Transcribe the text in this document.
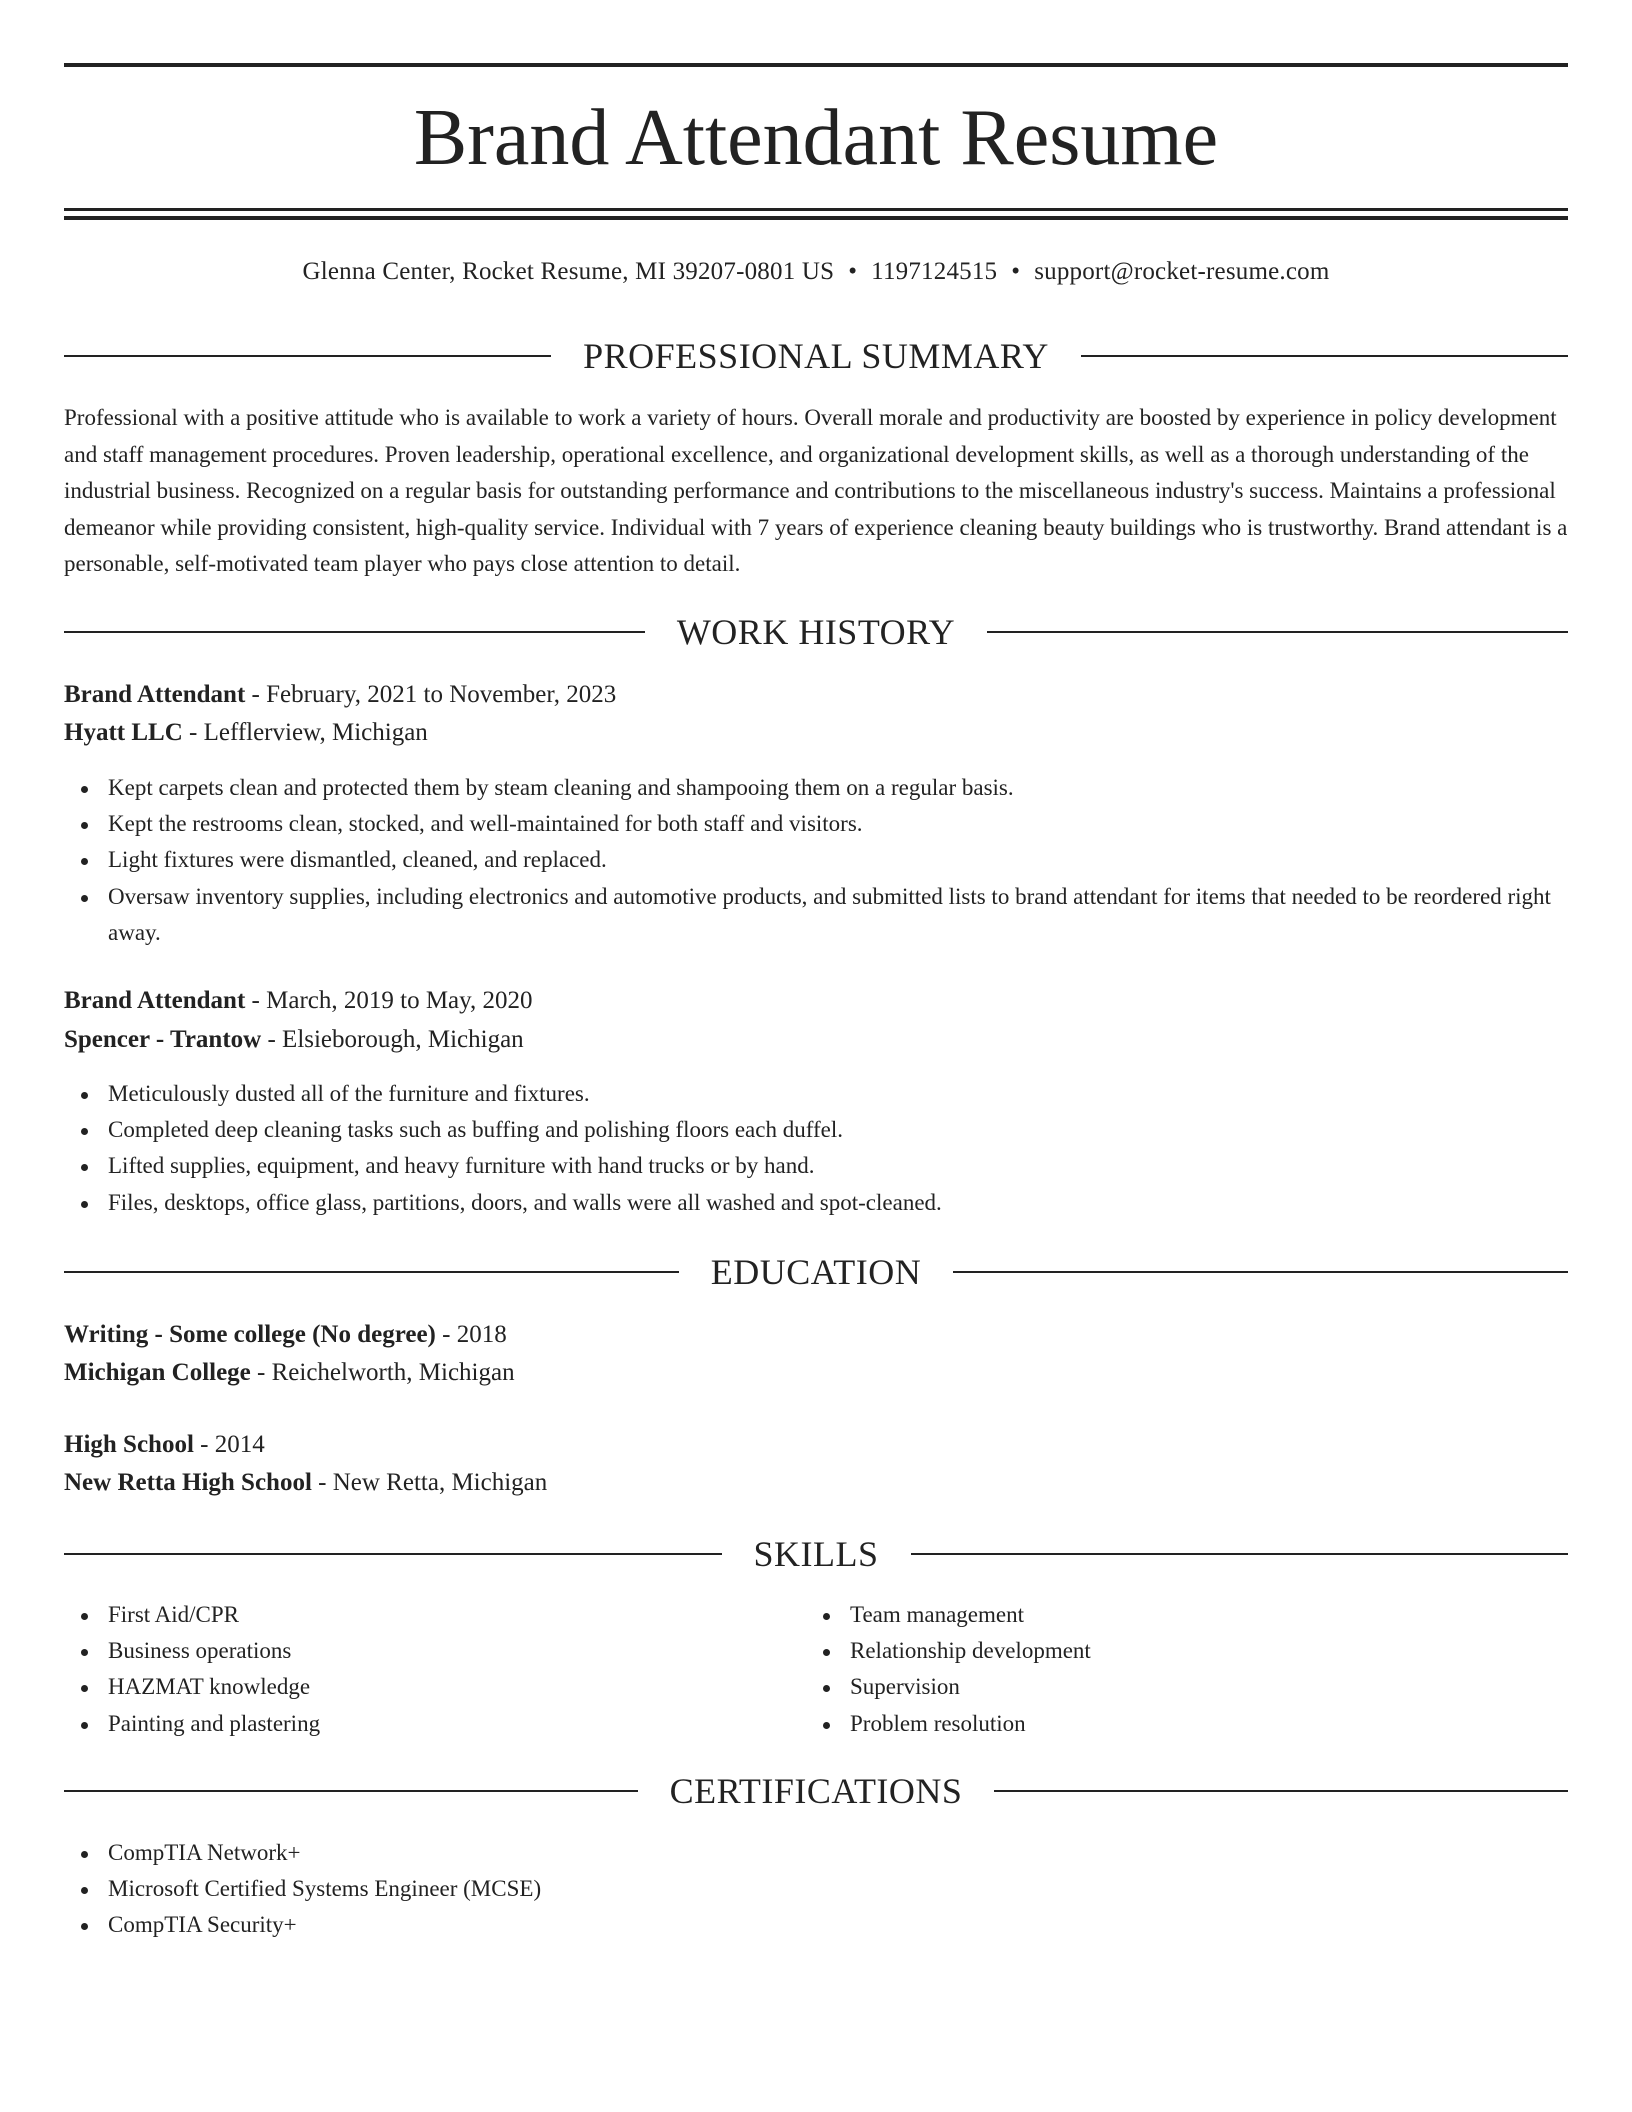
Brand Attendant Resume
Glenna Center, Rocket Resume, MI 39207-0801 US • 1197124515 • support@rocket-resume.com
PROFESSIONAL SUMMARY

Professional with a positive attitude who is available to work a variety of hours. Overall morale and productivity are boosted by experience in policy development and staff management procedures. Proven leadership, operational excellence, and organizational development skills, as well as a thorough understanding of the industrial business. Recognized on a regular basis for outstanding performance and contributions to the miscellaneous industry's success. Maintains a professional demeanor while providing consistent, high-quality service. Individual with 7 years of experience cleaning beauty buildings who is trustworthy. Brand attendant is a personable, self-motivated team player who pays close attention to detail.

WORK HISTORY
Brand Attendant - February, 2021 to November, 2023
Hyatt LLC - Lefflerview, Michigan
Kept carpets clean and protected them by steam cleaning and shampooing them on a regular basis.
Kept the restrooms clean, stocked, and well-maintained for both staff and visitors.
Light fixtures were dismantled, cleaned, and replaced.
Oversaw inventory supplies, including electronics and automotive products, and submitted lists to brand attendant for items that needed to be reordered right away.
Brand Attendant - March, 2019 to May, 2020
Spencer - Trantow - Elsieborough, Michigan
Meticulously dusted all of the furniture and fixtures.
Completed deep cleaning tasks such as buffing and polishing floors each duffel.
Lifted supplies, equipment, and heavy furniture with hand trucks or by hand.
Files, desktops, office glass, partitions, doors, and walls were all washed and spot-cleaned.
EDUCATION
Writing - Some college (No degree) - 2018
Michigan College - Reichelworth, Michigan
High School - 2014
New Retta High School - New Retta, Michigan
SKILLS
First Aid/CPR
Business operations
HAZMAT knowledge
Painting and plastering
Team management
Relationship development
Supervision
Problem resolution
CERTIFICATIONS
CompTIA Network+
Microsoft Certified Systems Engineer (MCSE)
CompTIA Security+
